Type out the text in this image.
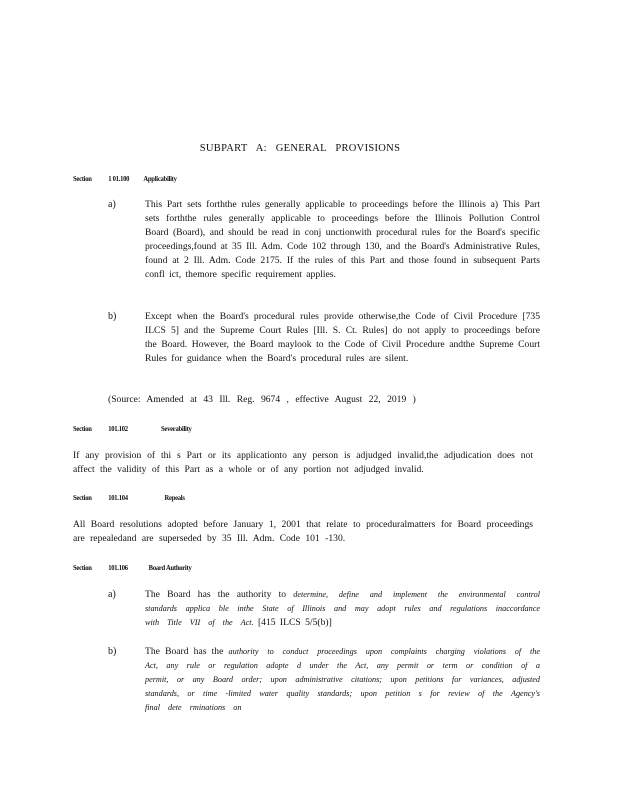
SUBPART A: GENERAL PROVISIONS
Section 1 01.100 Applicability
a)	This Part sets forththe rules generally applicable to proceedings before the Illinois a) This Part sets forththe rules generally applicable to proceedings before the Illinois Pollution Control Board (Board), and should be read in conj unctionwith procedural rules for the Board's specific proceedings,found at 35 Ill. Adm. Code 102 through 130, and the Board's Administrative Rules, found at 2 Ill. Adm. Code 2175. If the rules of this Part and those found in subsequent Parts confl ict, themore specific requirement applies.
b)	Except when the Board's procedural rules provide otherwise,the Code of Civil Procedure [735 ILCS 5] and the Supreme Court Rules [Ill. S. Ct. Rules] do not apply to proceedings before the Board. However, the Board maylook to the Code of Civil Procedure andthe Supreme Court Rules for guidance when the Board's procedural rules are silent.
(Source: Amended at 43 Ill. Reg. 9674 , effective August 22, 2019 )
Section 101.102	Severability
If any provision of thi s Part or its applicationto any person is adjudged invalid,the adjudication does not affect the validity of this Part as a whole or of any portion not adjudged invalid.
Section 101.104	Repeals
All Board resolutions adopted before January 1, 2001 that relate to proceduralmatters for Board proceedings are repealedand are superseded by 35 Ill. Adm. Code 101 -130.
Section 101.106	Board Authority
a)	The Board has the authority to determine, define and implement the environmental control standards applica ble inthe State of Illinois and may adopt rules and regulations inaccordance with Title VII of the Act. [415 ILCS 5/5(b)]
b)	The Board has the authority to conduct proceedings upon complaints charging violations of the Act, any rule or regulation adopte d under the Act, any permit or term or condition of a permit, or any Board order; upon administrative citations; upon petitions for variances, adjusted standards, or time -limited water quality standards; upon petition s for review of the Agency's final dete rminations on
